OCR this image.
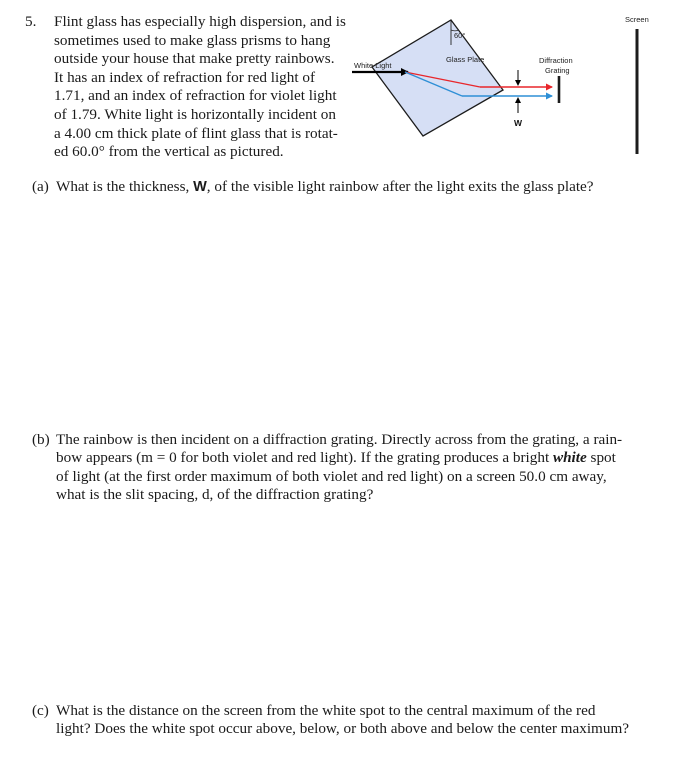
5. Flint glass has especially high dispersion, and is
sometimes used to make glass prisms to hang
outside your house that make pretty rainbows.
It has an index of refraction for red light of
1.71, and an index of refraction for violet light
of 1.79. White light is horizontally incident on
a 4.00 cm thick plate of flint glass that is rotat-
ed 60.0° from the vertical as pictured.
Glass Plate
60°
White Light
W
Diffraction
Grating
Screen
(a) What is the thickness, W, of the visible light rainbow after the light exits the glass plate?
(b) The rainbow is then incident on a diffraction grating. Directly across from the grating, a rain-
bow appears (m = 0 for both violet and red light). If the grating produces a bright white spot
of light (at the first order maximum of both violet and red light) on a screen 50.0 cm away,
what is the slit spacing, d, of the diffraction grating?
(c) What is the distance on the screen from the white spot to the central maximum of the red
light? Does the white spot occur above, below, or both above and below the center maximum?
